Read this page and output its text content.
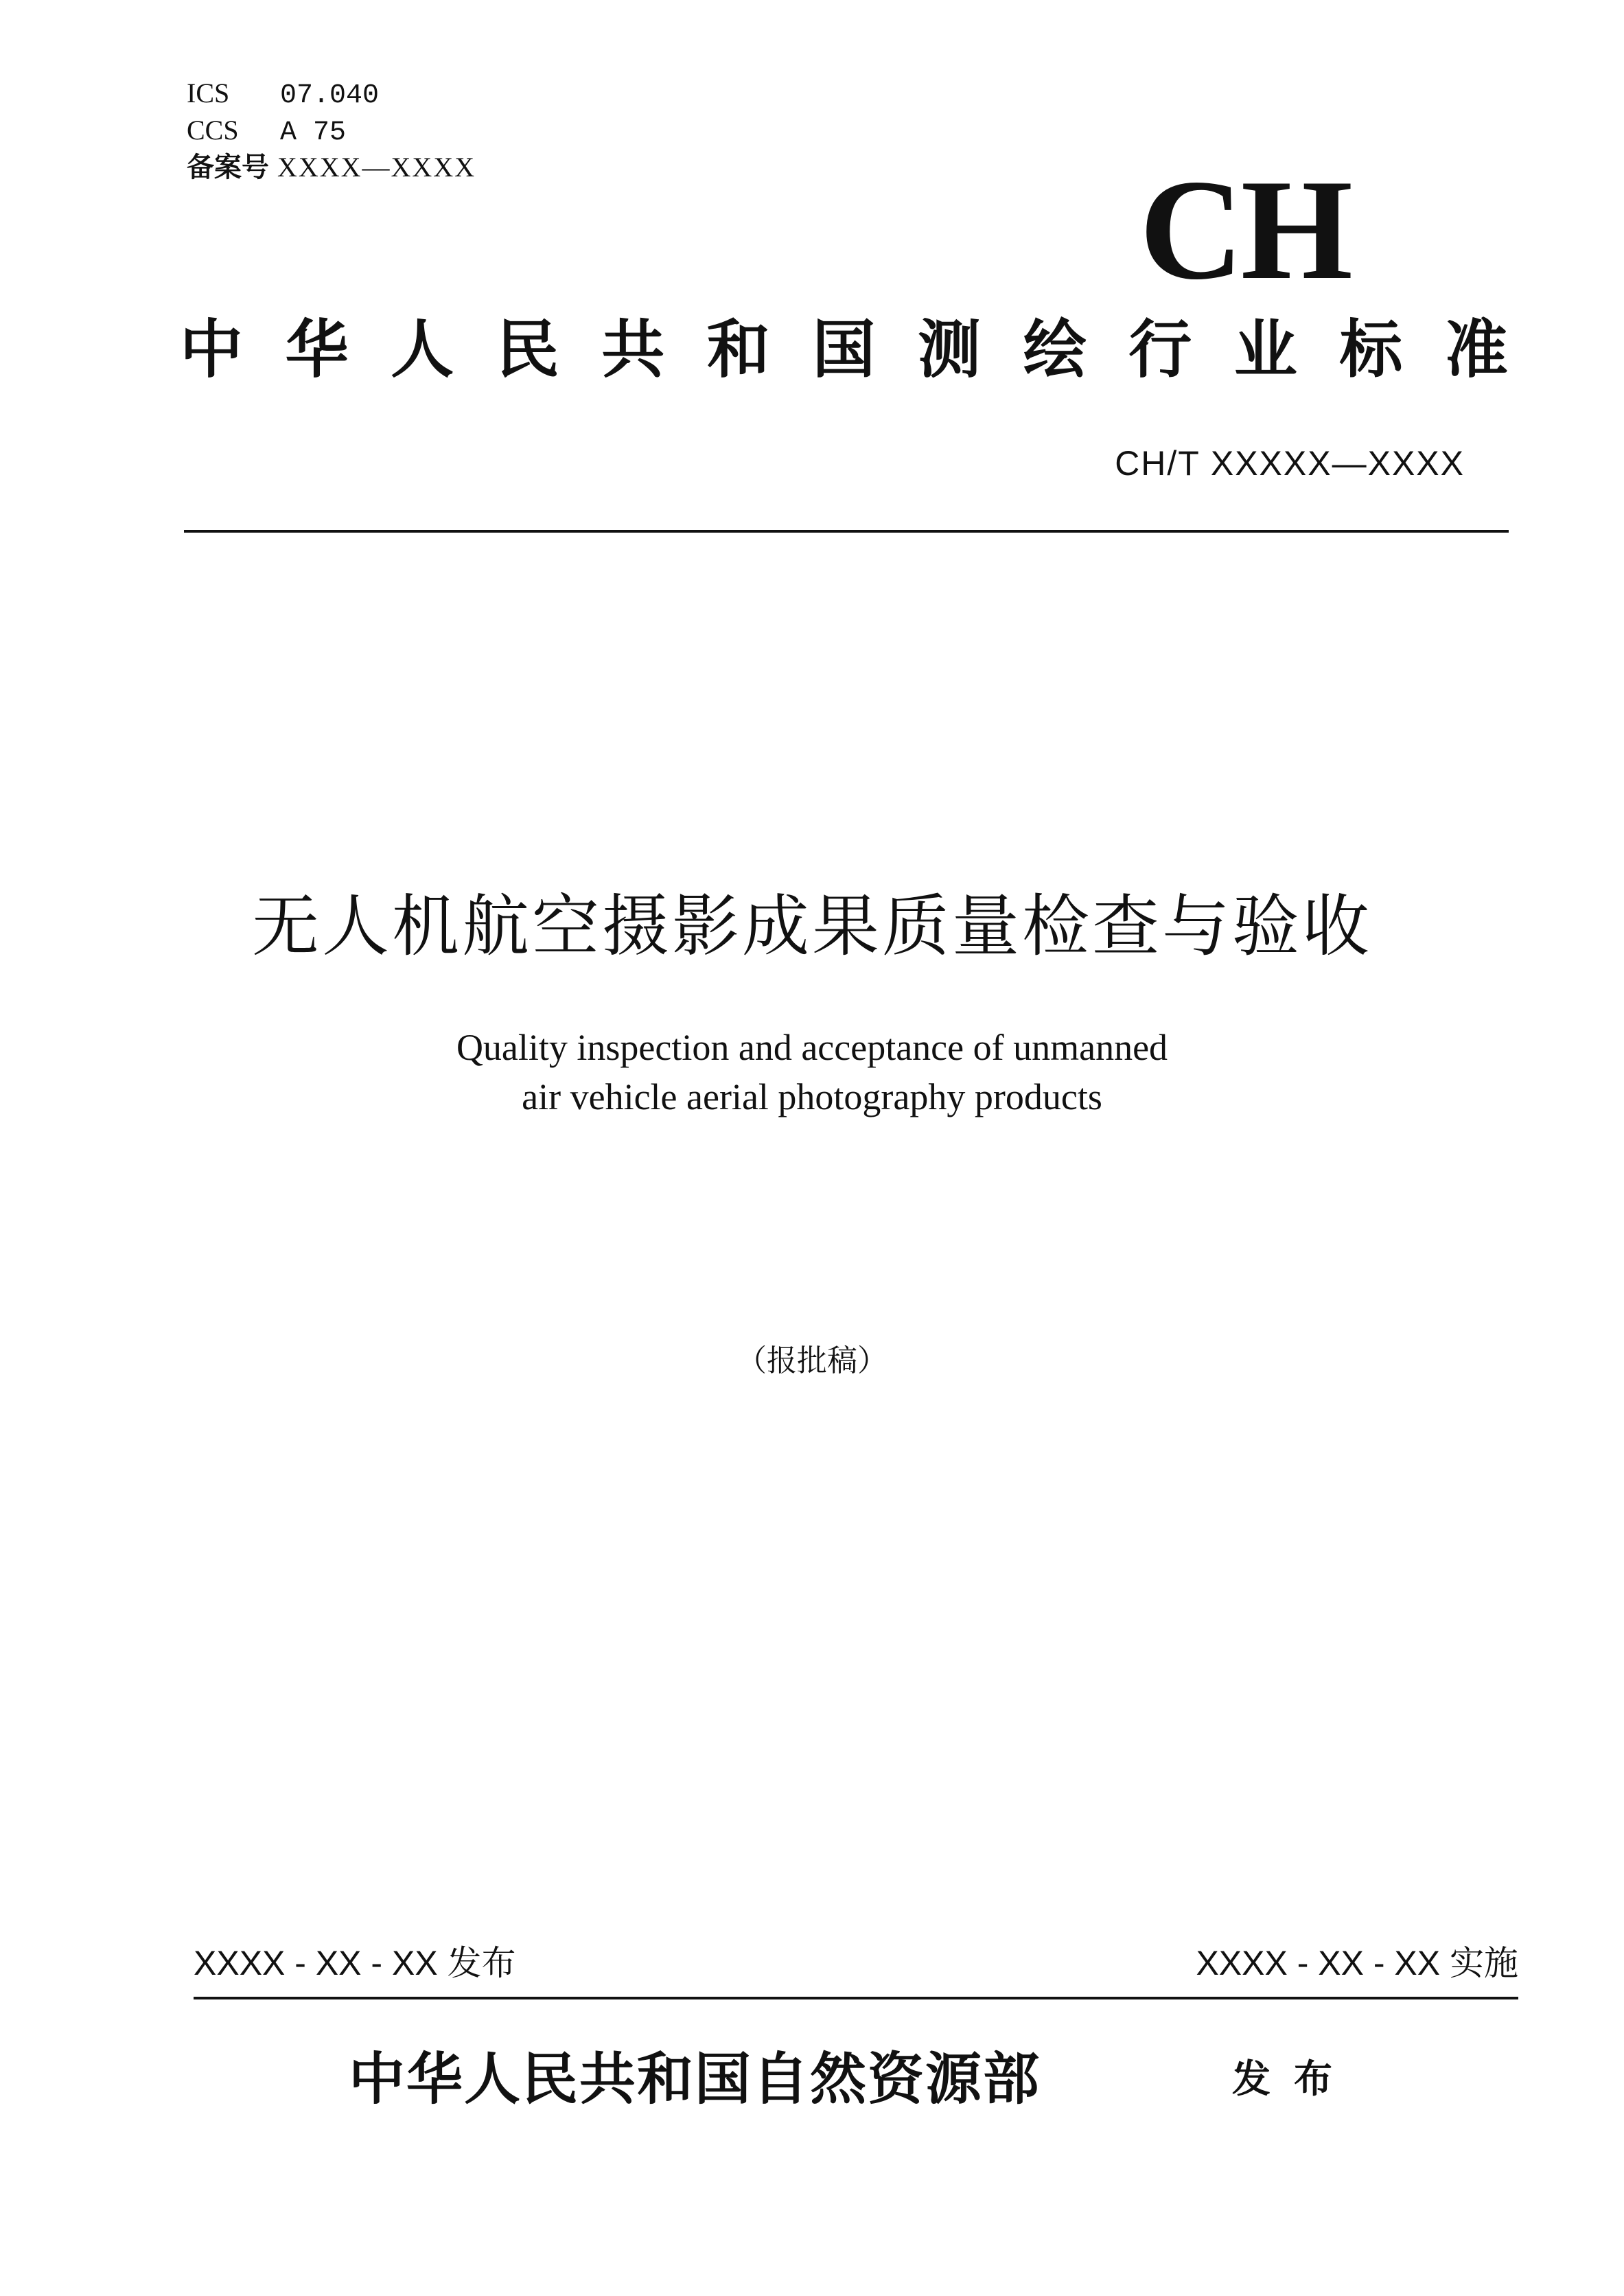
ICS 07.040
CCS A 75
备案号 XXXX—XXXX	CH
中 华 人 民 共 和 国 测 绘 行 业 标 准
CH/T XXXXX—XXXX
无人机航空摄影成果质量检查与验收
Quality inspection and acceptance of unmanned
air vehicle aerial photography products
（报批稿）
XXXX - XX - XX 发布	XXXX - XX - XX 实施
中华人民共和国自然资源部	发布
